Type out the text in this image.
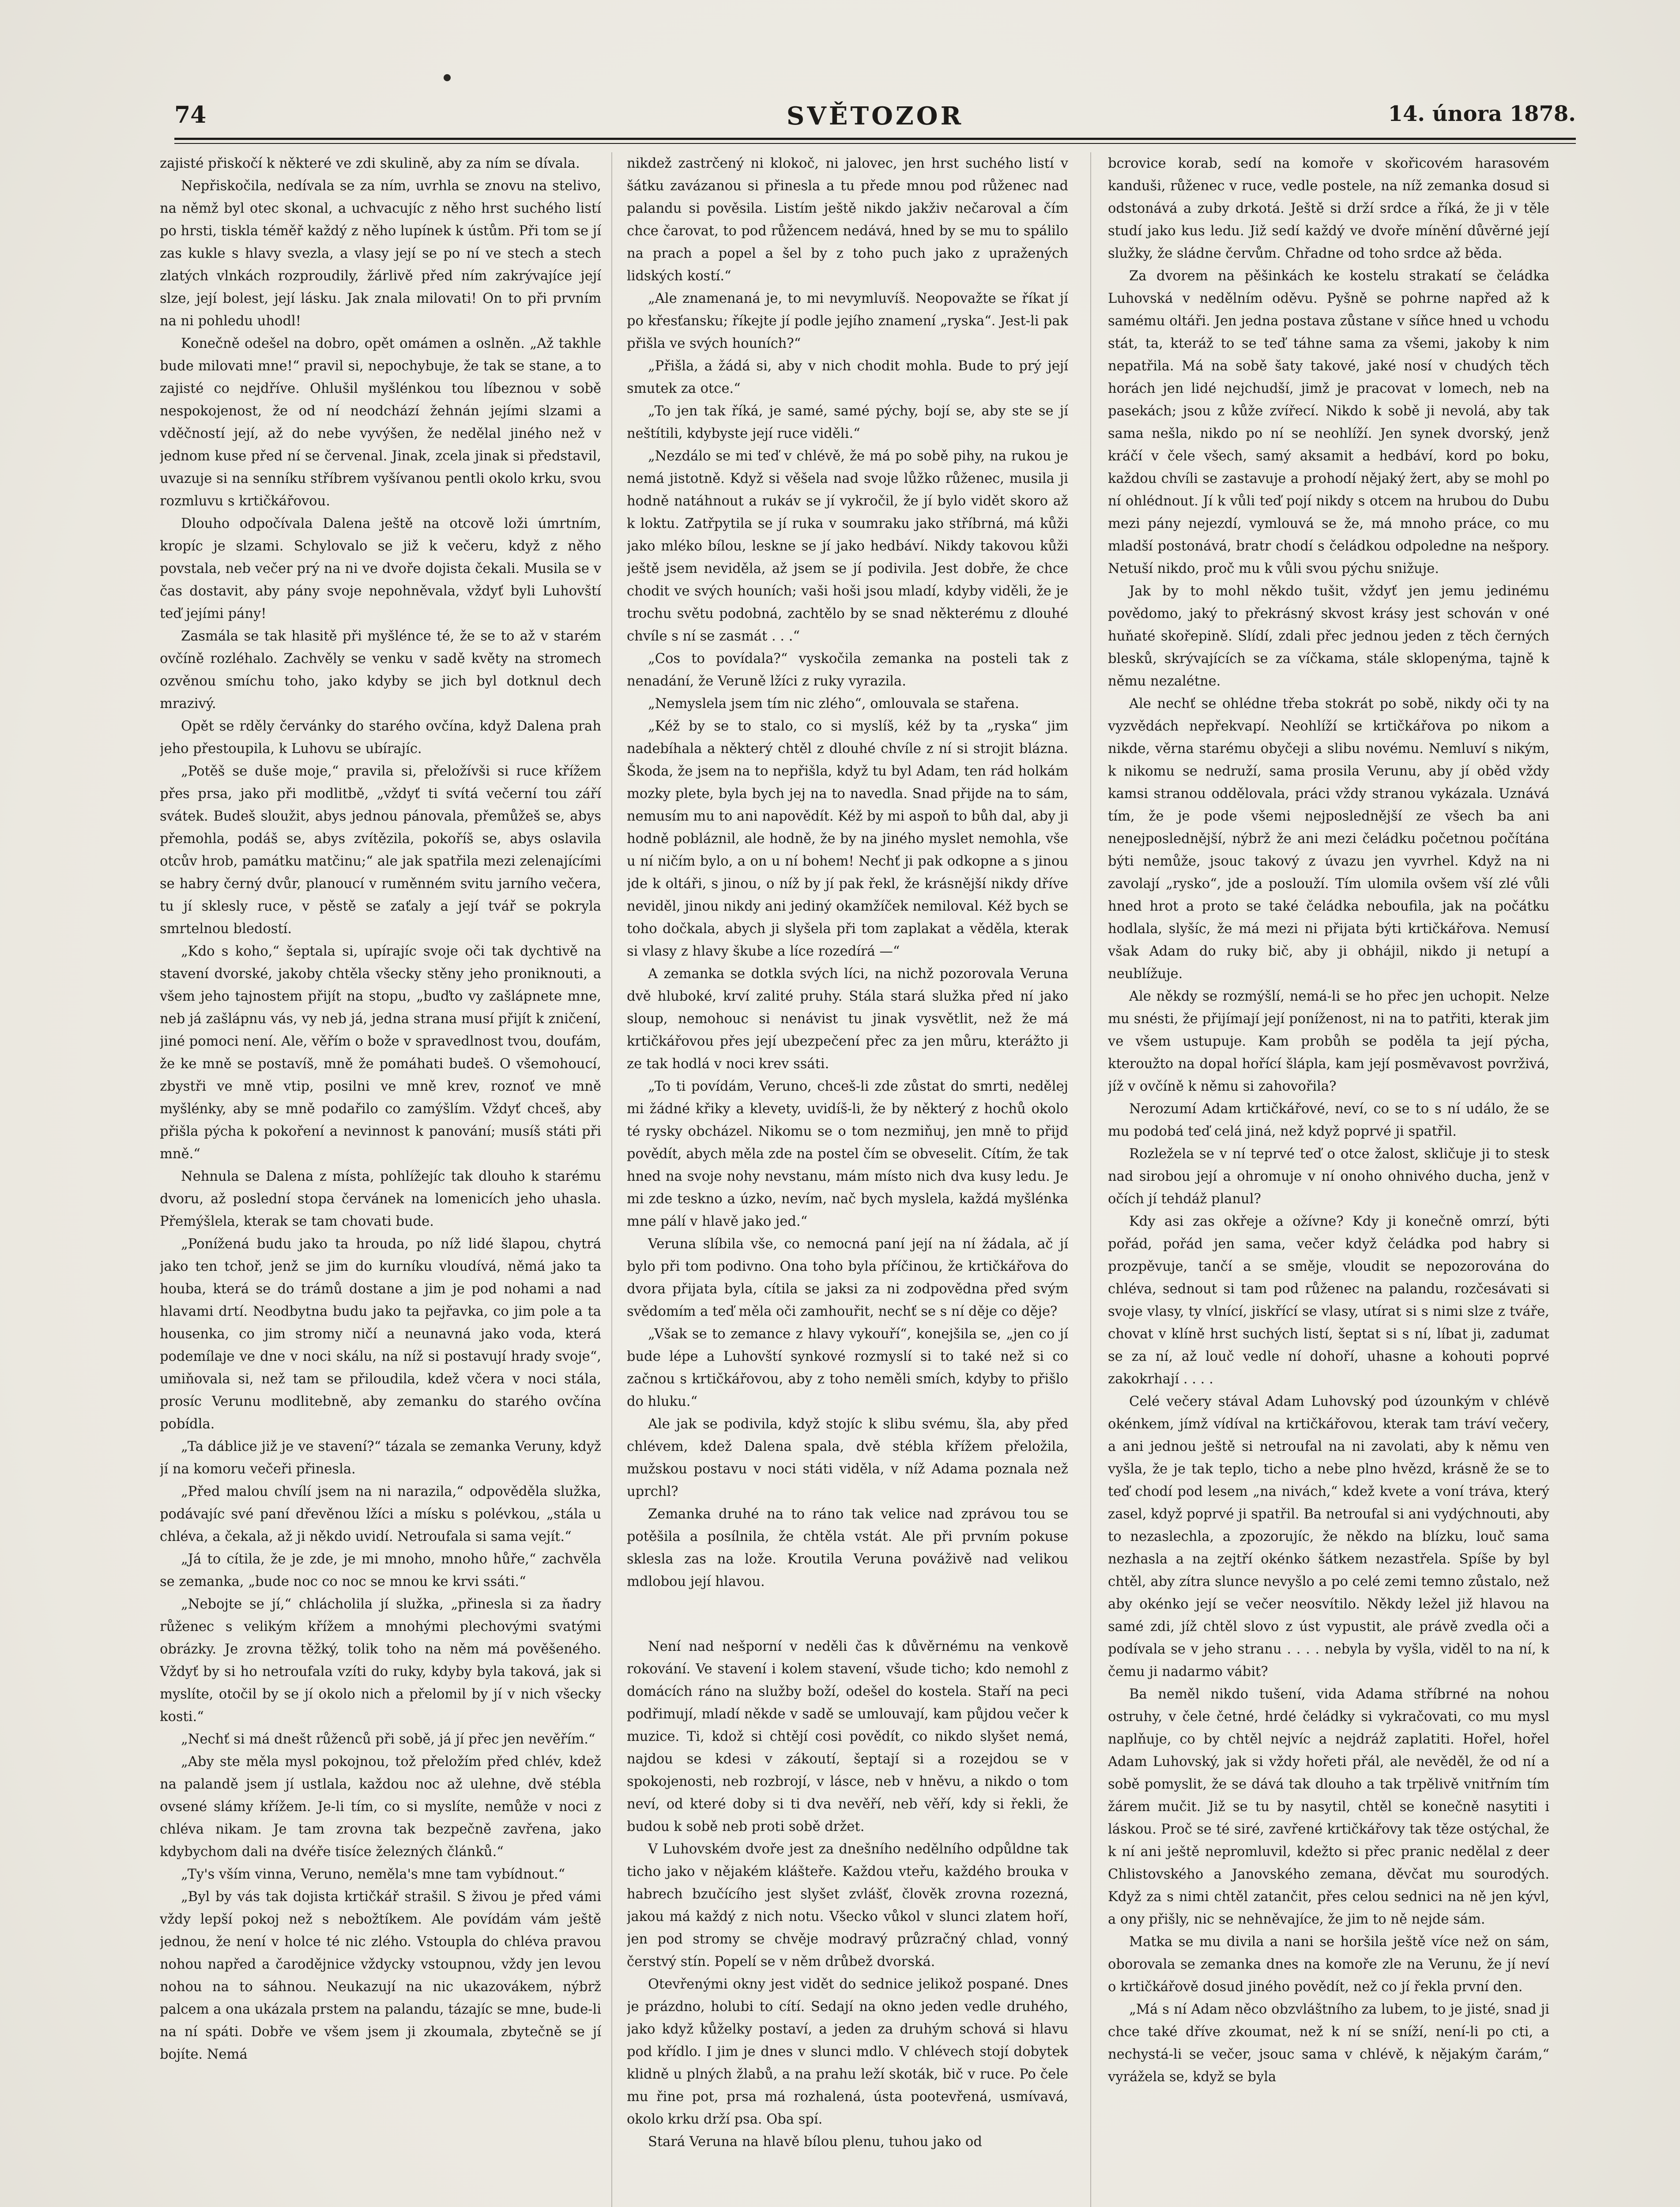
74	SVĚTOZOR	14. února 1878.

zajisté přiskočí k některé ve zdi skulině, aby za ním se dívala.

Nepřiskočila, nedívala se za ním, uvrhla se znovu na stelivo, na němž byl otec skonal, a uchvacujíc z něho hrst suchého listí po hrsti, tiskla téměř každý z něho lupínek k ústům. Při tom se jí zas kukle s hlavy svezla, a vlasy její se po ní ve stech a stech zlatých vlnkách rozproudily, žárlivě před ním zakrývajíce její slze, její bolest, její lásku. Jak znala milovati! On to při prvním na ni pohledu uhodl!

Konečně odešel na dobro, opět omámen a oslněn. „Až takhle bude milovati mne!“ pravil si, nepochybuje, že tak se stane, a to zajisté co nejdříve. Ohlušil myšlénkou tou líbeznou v sobě nespokojenost, že od ní neodchází žehnán jejími slzami a vděčností její, až do nebe vyvýšen, že nedělal jiného než v jednom kuse před ní se červenal. Jinak, zcela jinak si představil, uvazuje si na senníku stříbrem vyšívanou pentli okolo krku, svou rozmluvu s krtičkářovou.

Dlouho odpočívala Dalena ještě na otcově loži úmrtním, kropíc je slzami. Schylovalo se již k večeru, když z něho povstala, neb večer prý na ni ve dvoře dojista čekali. Musila se v čas dostavit, aby pány svoje nepohněvala, vždyť byli Luhovští teď jejími pány!

Zasmála se tak hlasitě při myšlénce té, že se to až v starém ovčíně rozléhalo. Zachvěly se venku v sadě květy na stromech ozvěnou smíchu toho, jako kdyby se jich byl dotknul dech mrazivý.

Opět se rděly červánky do starého ovčína, když Dalena prah jeho přestoupila, k Luhovu se ubírajíc.

„Potěš se duše moje,“ pravila si, přeložívši si ruce křížem přes prsa, jako při modlitbě, „vždyť ti svítá večerní tou září svátek. Budeš sloužit, abys jednou pánovala, přemůžeš se, abys přemohla, podáš se, abys zvítězila, pokoříš se, abys oslavila otcův hrob, památku matčinu;“ ale jak spatřila mezi zelenajícími se habry černý dvůr, planoucí v ruměnném svitu jarního večera, tu jí sklesly ruce, v pěstě se zaťaly a její tvář se pokryla smrtelnou bledostí.

„Kdo s koho,“ šeptala si, upírajíc svoje oči tak dychtivě na stavení dvorské, jakoby chtěla všecky stěny jeho proniknouti, a všem jeho tajnostem přijít na stopu, „buďto vy zašlápnete mne, neb já zašlápnu vás, vy neb já, jedna strana musí přijít k zničení, jiné pomoci není. Ale, věřím o bože v spravedlnost tvou, doufám, že ke mně se postavíš, mně že pomáhati budeš. O všemohoucí, zbystři ve mně vtip, posilni ve mně krev, roznoť ve mně myšlénky, aby se mně podařilo co zamýšlím. Vždyť chceš, aby přišla pýcha k pokoření a nevinnost k panování; musíš státi při mně.“

Nehnula se Dalena z místa, pohlížejíc tak dlouho k starému dvoru, až poslední stopa červánek na lomenicích jeho uhasla. Přemýšlela, kterak se tam chovati bude.

„Ponížená budu jako ta hrouda, po níž lidé šlapou, chytrá jako ten tchoř, jenž se jim do kurníku vloudívá, němá jako ta houba, která se do trámů dostane a jim je pod nohami a nad hlavami drtí. Neodbytna budu jako ta pejřavka, co jim pole a ta housenka, co jim stromy ničí a neunavná jako voda, která podemílaje ve dne v noci skálu, na níž si postavují hrady svoje“, umiňovala si, než tam se přiloudila, kdež včera v noci stála, prosíc Verunu modlitebně, aby zemanku do starého ovčína pobídla.

„Ta dáblice již je ve stavení?“ tázala se zemanka Veruny, když jí na komoru večeři přinesla.

„Před malou chvílí jsem na ni narazila,“ odpověděla služka, podávajíc své paní dřevěnou lžíci a mísku s polévkou, „stála u chléva, a čekala, až ji někdo uvidí. Netroufala si sama vejít.“

„Já to cítila, že je zde, je mi mnoho, mnoho hůře,“ zachvěla se zemanka, „bude noc co noc se mnou ke krvi ssáti.“

„Nebojte se jí,“ chlácholila jí služka, „přinesla si za ňadry růženec s velikým křížem a mnohými plechovými svatými obrázky. Je zrovna těžký, tolik toho na něm má pověšeného. Vždyť by si ho netroufala vzíti do ruky, kdyby byla taková, jak si myslíte, otočil by se jí okolo nich a přelomil by jí v nich všecky kosti.“

„Nechť si má dnešt růženců při sobě, já jí přec jen nevěřím.“

„Aby ste měla mysl pokojnou, tož přeložím před chlév, kdež na palandě jsem jí ustlala, každou noc až ulehne, dvě stébla ovsené slámy křížem. Je-li tím, co si myslíte, nemůže v noci z chléva nikam. Je tam zrovna tak bezpečně zavřena, jako kdybychom dali na dvéře tisíce železných článků.“

„Ty's vším vinna, Veruno, neměla's mne tam vybídnout.“

„Byl by vás tak dojista krtičkář strašil. S živou je před vámi vždy lepší pokoj než s nebožtíkem. Ale povídám vám ještě jednou, že není v holce té nic zlého. Vstoupla do chléva pravou nohou napřed a čarodějnice vždycky vstoupnou, vždy jen levou nohou na to sáhnou. Neukazují na nic ukazovákem, nýbrž palcem a ona ukázala prstem na palandu, tázajíc se mne, bude-li na ní spáti. Dobře ve všem jsem ji zkoumala, zbytečně se jí bojíte. Nemá

nikdež zastrčený ni klokoč, ni jalovec, jen hrst suchého listí v šátku zavázanou si přinesla a tu přede mnou pod růženec nad palandu si pověsila. Listím ještě nikdo jakživ nečaroval a čím chce čarovat, to pod růžencem nedává, hned by se mu to spálilo na prach a popel a šel by z toho puch jako z upražených lidských kostí.“

„Ale znamenaná je, to mi nevymluvíš. Neopovažte se říkat jí po křesťansku; říkejte jí podle jejího znamení „ryska“. Jest-li pak přišla ve svých houních?“

„Přišla, a žádá si, aby v nich chodit mohla. Bude to prý její smutek za otce.“

„To jen tak říká, je samé, samé pýchy, bojí se, aby ste se jí neštítili, kdybyste její ruce viděli.“

„Nezdálo se mi teď v chlévě, že má po sobě pihy, na rukou je nemá jistotně. Když si věšela nad svoje lůžko růženec, musila ji hodně natáhnout a rukáv se jí vykročil, že jí bylo vidět skoro až k loktu. Zatřpytila se jí ruka v soumraku jako stříbrná, má kůži jako mléko bílou, leskne se jí jako hedbáví. Nikdy takovou kůži ještě jsem neviděla, až jsem se jí podivila. Jest dobře, že chce chodit ve svých houních; vaši hoši jsou mladí, kdyby viděli, že je trochu světu podobná, zachtělo by se snad některému z dlouhé chvíle s ní se zasmát . . .“

„Cos to povídala?“ vyskočila zemanka na posteli tak z nenadání, že Veruně lžíci z ruky vyrazila.

„Nemyslela jsem tím nic zlého“, omlouvala se stařena.

„Kéž by se to stalo, co si myslíš, kéž by ta „ryska“ jim nadebíhala a některý chtěl z dlouhé chvíle z ní si strojit blázna. Škoda, že jsem na to nepřišla, když tu byl Adam, ten rád holkám mozky plete, byla bych jej na to navedla. Snad přijde na to sám, nemusím mu to ani napovědít. Kéž by mi aspoň to bůh dal, aby ji hodně pobláznil, ale hodně, že by na jiného myslet nemohla, vše u ní ničím bylo, a on u ní bohem! Nechť ji pak odkopne a s jinou jde k oltáři, s jinou, o níž by jí pak řekl, že krásnější nikdy dříve neviděl, jinou nikdy ani jediný okamžíček nemiloval. Kéž bych se toho dočkala, abych ji slyšela při tom zaplakat a věděla, kterak si vlasy z hlavy škube a líce rozedírá —“

A zemanka se dotkla svých líci, na nichž pozorovala Veruna dvě hluboké, krví zalité pruhy. Stála stará služka před ní jako sloup, nemohouc si nenávist tu jinak vysvětlit, než že má krtičkářovou přes její ubezpečení přec za jen můru, kterážto ji ze tak hodlá v noci krev ssáti.

„To ti povídám, Veruno, chceš-li zde zůstat do smrti, nedělej mi žádné křiky a klevety, uvidíš-li, že by některý z hochů okolo té rysky obcházel. Nikomu se o tom nezmiňuj, jen mně to přijď povědít, abych měla zde na postel čím se obveselit. Cítím, že tak hned na svoje nohy nevstanu, mám místo nich dva kusy ledu. Je mi zde teskno a úzko, nevím, nač bych myslela, každá myšlénka mne pálí v hlavě jako jed.“

Veruna slíbila vše, co nemocná paní její na ní žádala, ač jí bylo při tom podivno. Ona toho byla příčinou, že krtičkářova do dvora přijata byla, cítila se jaksi za ni zodpovědna před svým svědomím a teď měla oči zamhouřit, nechť se s ní děje co děje?

„Však se to zemance z hlavy vykouří“, konejšila se, „jen co jí bude lépe a Luhovští synkové rozmyslí si to také než si co začnou s krtičkářovou, aby z toho neměli smích, kdyby to přišlo do hluku.“

Ale jak se podivila, když stojíc k slibu svému, šla, aby před chlévem, kdež Dalena spala, dvě stébla křížem přeložila, mužskou postavu v noci státi viděla, v níž Adama poznala než uprchl?

Zemanka druhé na to ráno tak velice nad zprávou tou se potěšila a posílnila, že chtěla vstát. Ale při prvním pokuse sklesla zas na lože. Kroutila Veruna pováživě nad velikou mdlobou její hlavou.

Není nad nešporní v neděli čas k důvěrnému na venkově rokování. Ve stavení i kolem stavení, všude ticho; kdo nemohl z domácích ráno na služby boží, odešel do kostela. Staří na peci podřimují, mladí někde v sadě se umlouvají, kam půjdou večer k muzice. Ti, kdož si chtějí cosi povědít, co nikdo slyšet nemá, najdou se kdesi v zákoutí, šeptají si a rozejdou se v spokojenosti, neb rozbrojí, v lásce, neb v hněvu, a nikdo o tom neví, od které doby si ti dva nevěří, neb věří, kdy si řekli, že budou k sobě neb proti sobě držet.

V Luhovském dvoře jest za dnešního nedělního odpůldne tak ticho jako v nějakém klášteře. Každou vteřu, každého brouka v habrech bzučícího jest slyšet zvlášť, člověk zrovna rozezná, jakou má každý z nich notu. Všecko vůkol v slunci zlatem hoří, jen pod stromy se chvěje modravý průzračný chlad, vonný čerstvý stín. Popelí se v něm drůbež dvorská.

Otevřenými okny jest vidět do sednice jelikož pospané. Dnes je prázdno, holubi to cítí. Sedají na okno jeden vedle druhého, jako když kůželky postaví, a jeden za druhým schová si hlavu pod křídlo. I jim je dnes v slunci mdlo. V chlévech stojí dobytek klidně u plných žlabů, a na prahu leží skoták, bič v ruce. Po čele mu řine pot, prsa má rozhalená, ústa pootevřená, usmívavá, okolo krku drží psa. Oba spí.

Stará Veruna na hlavě bílou plenu, tuhou jako od

bcrovice korab, sedí na komoře v skořicovém harasovém kanduši, růženec v ruce, vedle postele, na níž zemanka dosud si odstonává a zuby drkotá. Ještě si drží srdce a říká, že ji v těle studí jako kus ledu. Již sedí každý ve dvoře mínění důvěrné její služky, že sládne červům. Chřadne od toho srdce až běda.

Za dvorem na pěšinkách ke kostelu strakatí se čeládka Luhovská v nedělním oděvu. Pyšně se pohrne napřed až k samému oltáři. Jen jedna postava zůstane v síňce hned u vchodu stát, ta, kteráž to se teď táhne sama za všemi, jakoby k nim nepatřila. Má na sobě šaty takové, jaké nosí v chudých těch horách jen lidé nejchudší, jimž je pracovat v lomech, neb na pasekách; jsou z kůže zvířecí. Nikdo k sobě ji nevolá, aby tak sama nešla, nikdo po ní se neohlíží. Jen synek dvorský, jenž kráčí v čele všech, samý aksamit a hedbáví, kord po boku, každou chvíli se zastavuje a prohodí nějaký žert, aby se mohl po ní ohlédnout. Jí k vůli teď pojí nikdy s otcem na hrubou do Dubu mezi pány nejezdí, vymlouvá se že, má mnoho práce, co mu mladší postonává, bratr chodí s čeládkou odpoledne na nešpory. Netuší nikdo, proč mu k vůli svou pýchu snižuje.

Jak by to mohl někdo tušit, vždyť jen jemu jedinému povědomo, jaký to překrásný skvost krásy jest schován v oné huňaté skořepině. Slídí, zdali přec jednou jeden z těch černých blesků, skrývajících se za víčkama, stále sklopenýma, tajně k němu nezalétne.

Ale nechť se ohlédne třeba stokrát po sobě, nikdy oči ty na vyzvědách nepřekvapí. Neohlíží se krtičkářova po nikom a nikde, věrna starému obyčeji a slibu novému. Nemluví s nikým, k nikomu se nedruží, sama prosila Verunu, aby jí oběd vždy kamsi stranou oddělovala, práci vždy stranou vykázala. Uznává tím, že je pode všemi nejposlednější ze všech ba ani nenejposlednější, nýbrž že ani mezi čeládku početnou počítána býti nemůže, jsouc takový z úvazu jen vyvrhel. Když na ni zavolají „rysko“, jde a poslouží. Tím ulomila ovšem vší zlé vůli hned hrot a proto se také čeládka neboufila, jak na počátku hodlala, slyšíc, že má mezi ni přijata býti krtičkářova. Nemusí však Adam do ruky bič, aby ji obhájil, nikdo ji netupí a neublížuje.

Ale někdy se rozmýšlí, nemá-li se ho přec jen uchopit. Nelze mu snésti, že přijímají její poníženost, ni na to patřiti, kterak jim ve všem ustupuje. Kam probůh se poděla ta její pýcha, kteroužto na dopal hořící šlápla, kam její posměvavost povrživá, jíž v ovčíně k němu si zahovořila?

Nerozumí Adam krtičkářové, neví, co se to s ní událo, že se mu podobá teď celá jiná, než když poprvé ji spatřil.

Rozležela se v ní teprvé teď o otce žalost, skličuje ji to stesk nad sirobou její a ohromuje v ní onoho ohnivého ducha, jenž v očích jí tehdáž planul?

Kdy asi zas okřeje a ožívne? Kdy ji konečně omrzí, býti pořád, pořád jen sama, večer když čeládka pod habry si prozpěvuje, tančí a se směje, vloudit se nepozorována do chléva, sednout si tam pod růženec na palandu, rozčesávati si svoje vlasy, ty vlnící, jiskřící se vlasy, utírat si s nimi slze z tváře, chovat v klíně hrst suchých listí, šeptat si s ní, líbat ji, zadumat se za ní, až louč vedle ní dohoří, uhasne a kohouti poprvé zakokrhají . . . .

Celé večery stával Adam Luhovský pod úzounkým v chlévě okénkem, jímž vídíval na krtičkářovou, kterak tam tráví večery, a ani jednou ještě si netroufal na ni zavolati, aby k němu ven vyšla, že je tak teplo, ticho a nebe plno hvězd, krásně že se to teď chodí pod lesem „na nivách,“ kdež kvete a voní tráva, který zasel, když poprvé ji spatřil. Ba netroufal si ani vydýchnouti, aby to nezaslechla, a zpozorujíc, že někdo na blízku, louč sama nezhasla a na zejtří okénko šátkem nezastřela. Spíše by byl chtěl, aby zítra slunce nevyšlo a po celé zemi temno zůstalo, než aby okénko její se večer neosvítilo. Někdy ležel již hlavou na samé zdi, jíž chtěl slovo z úst vypustit, ale právě zvedla oči a podívala se v jeho stranu . . . . nebyla by vyšla, viděl to na ní, k čemu ji nadarmo vábit?

Ba neměl nikdo tušení, vida Adama stříbrné na nohou ostruhy, v čele četné, hrdé čeládky si vykračovati, co mu mysl naplňuje, co by chtěl nejvíc a nejdráž zaplatiti. Hořel, hořel Adam Luhovský, jak si vždy hořeti přál, ale nevěděl, že od ní a sobě pomyslit, že se dává tak dlouho a tak trpělivě vnitřním tím žárem mučit. Již se tu by nasytil, chtěl se konečně nasytiti i láskou. Proč se té siré, zavřené krtičkářovy tak těze ostýchal, že k ní ani ještě nepromluvil, kdežto si přec pranic nedělal z deer Chlistovského a Janovského zemana, děvčat mu sourodých. Když za s nimi chtěl zatančit, přes celou sednici na ně jen kývl, a ony přišly, nic se nehněvajíce, že jim to ně nejde sám.

Matka se mu divila a nani se horšila ještě více než on sám, oborovala se zemanka dnes na komoře zle na Verunu, že jí neví o krtičkářově dosud jiného povědít, než co jí řekla první den.

„Má s ní Adam něco obzvláštního za lubem, to je jisté, snad ji chce také dříve zkoumat, než k ní se sníží, není-li po cti, a nechystá-li se večer, jsouc sama v chlévě, k nějakým čarám,“ vyrážela se, když se byla
